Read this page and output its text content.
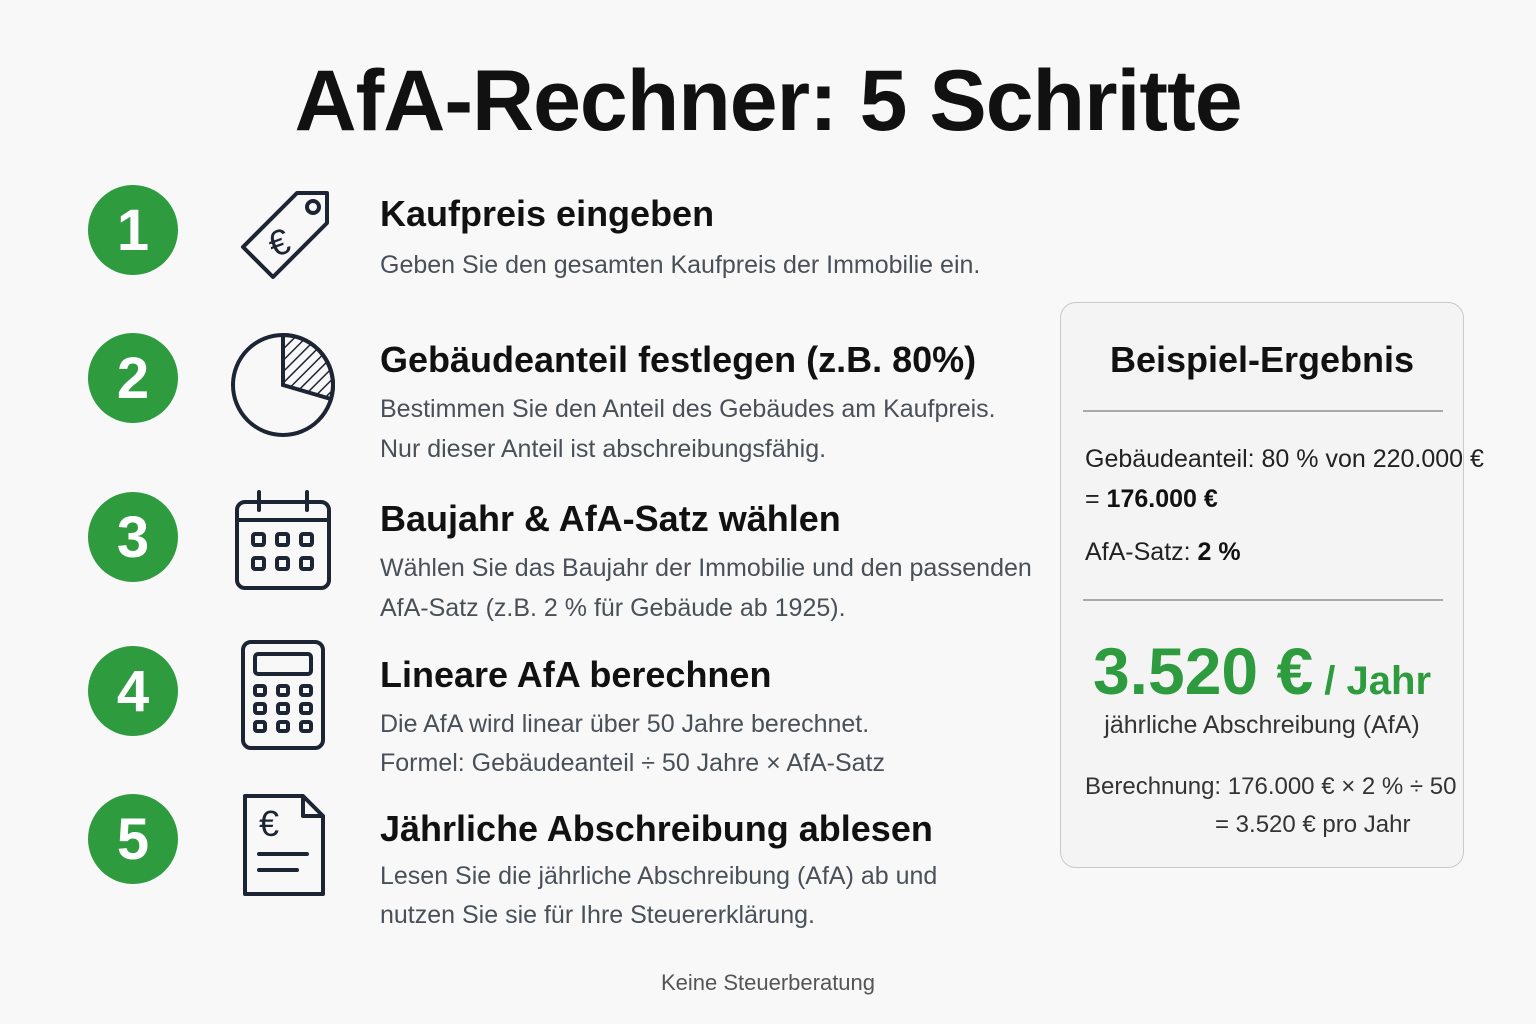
AfA-Rechner: 5 Schritte
1	€
Kaufpreis eingeben
Geben Sie den gesamten Kaufpreis der Immobilie ein.
2	Gebäudeanteil festlegen (z.B. 80%)
Bestimmen Sie den Anteil des Gebäudes am Kaufpreis.
Nur dieser Anteil ist abschreibungsfähig.
3	Baujahr & AfA-Satz wählen
Wählen Sie das Baujahr der Immobilie und den passenden
AfA-Satz (z.B. 2 % für Gebäude ab 1925).
4	Lineare AfA berechnen
Die AfA wird linear über 50 Jahre berechnet.
Formel: Gebäudeanteil ÷ 50 Jahre × AfA-Satz
5	€	Jährliche Abschreibung ablesen
Lesen Sie die jährliche Abschreibung (AfA) ab und
nutzen Sie sie für Ihre Steuererklärung.
Beispiel-Ergebnis
Gebäudeanteil: 80 % von 220.000 €
= 176.000 €
AfA-Satz: 2 %
3.520 € / Jahr
jährliche Abschreibung (AfA)
Berechnung: 176.000 € × 2 % ÷ 50
= 3.520 € pro Jahr
Keine Steuerberatung
